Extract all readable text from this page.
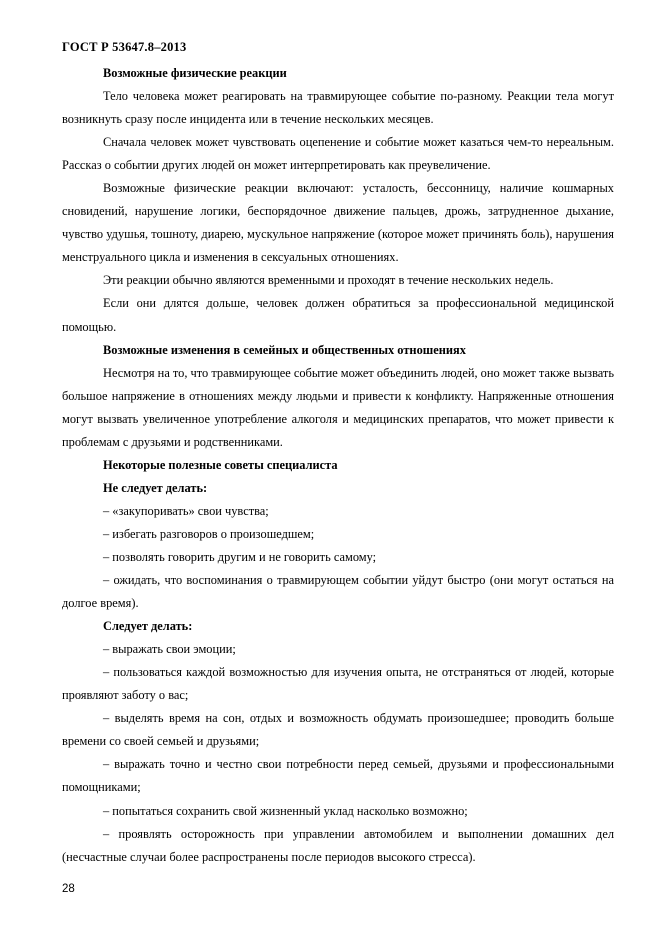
ГОСТ Р 53647.8–2013

Возможные физические реакции

Тело человека может реагировать на травмирующее событие по-разному. Реакции тела могут возникнуть сразу после инцидента или в течение нескольких месяцев.

Сначала человек может чувствовать оцепенение и событие может казаться чем-то нереальным. Рассказ о событии других людей он может интерпретировать как преувеличение.

Возможные физические реакции включают: усталость, бессонницу, наличие кошмарных сновидений, нарушение логики, беспорядочное движение пальцев, дрожь, затрудненное дыхание, чувство удушья, тошноту, диарею, мускульное напряжение (которое может причинять боль), нарушения менструального цикла и изменения в сексуальных отношениях.

Эти реакции обычно являются временными и проходят в течение нескольких недель.

Если они длятся дольше, человек должен обратиться за профессиональной медицинской помощью.

Возможные изменения в семейных и общественных отношениях

Несмотря на то, что травмирующее событие может объединить людей, оно может также вызвать большое напряжение в отношениях между людьми и привести к конфликту. Напряженные отношения могут вызвать увеличенное употребление алкоголя и медицинских препаратов, что может привести к проблемам с друзьями и родственниками.

Некоторые полезные советы специалиста

Не следует делать:

– «закупоривать» свои чувства;

– избегать разговоров о произошедшем;

– позволять говорить другим и не говорить самому;

– ожидать, что воспоминания о травмирующем событии уйдут быстро (они могут остаться на долгое время).

Следует делать:

– выражать свои эмоции;

– пользоваться каждой возможностью для изучения опыта, не отстраняться от людей, которые проявляют заботу о вас;

– выделять время на сон, отдых и возможность обдумать произошедшее; проводить больше времени со своей семьей и друзьями;

– выражать точно и честно свои потребности перед семьей, друзьями и профессиональными помощниками;

– попытаться сохранить свой жизненный уклад насколько возможно;

– проявлять осторожность при управлении автомобилем и выполнении домашних дел (несчастные случаи более распространены после периодов высокого стресса).

28
